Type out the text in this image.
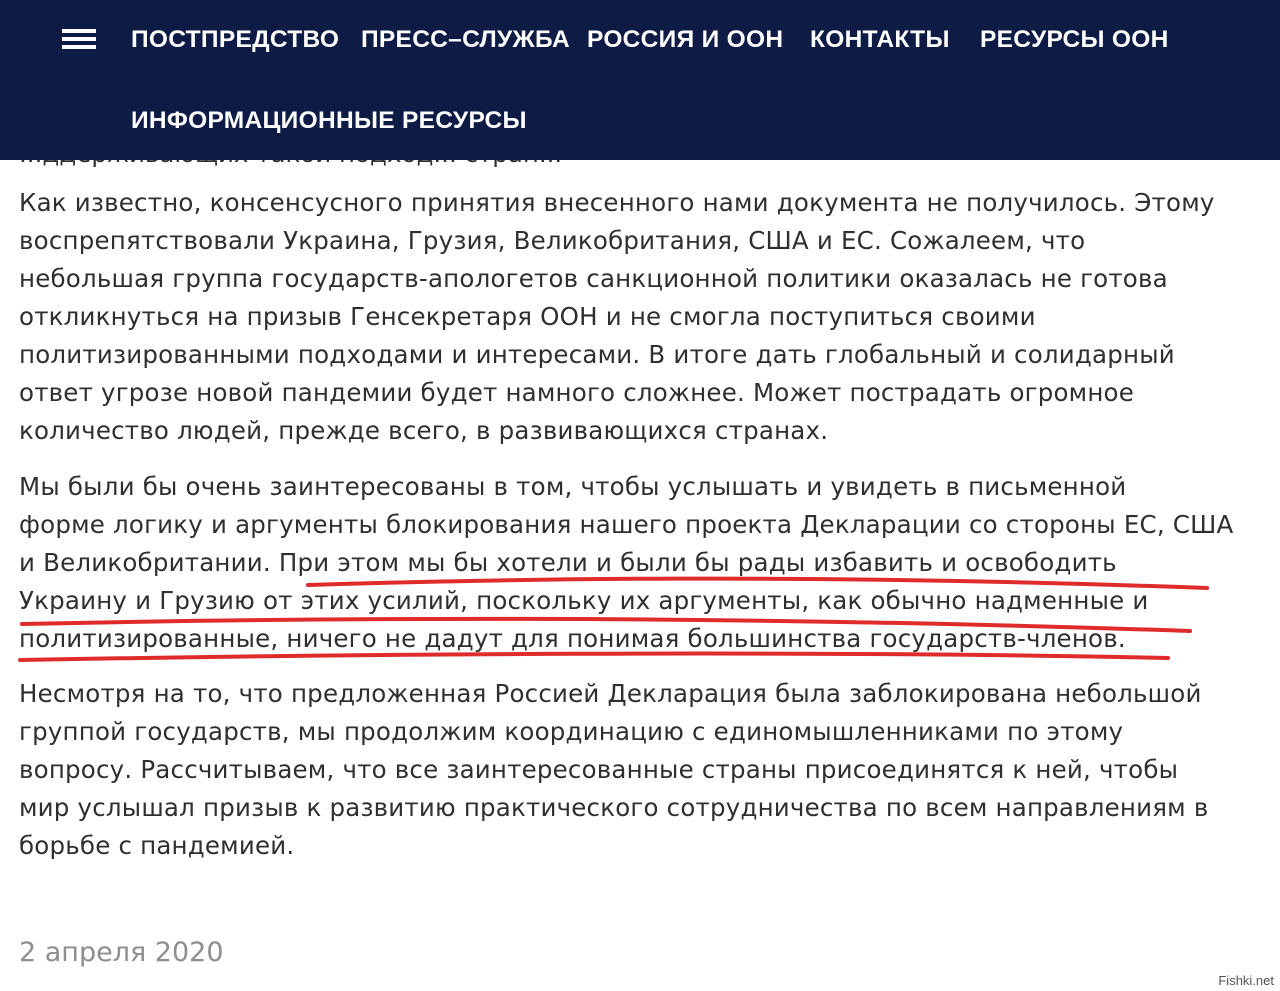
Как известно, консенсусного принятия внесенного нами документа не получилось. Этому
воспрепятствовали Украина, Грузия, Великобритания, США и ЕС. Сожалеем, что
небольшая группа государств-апологетов санкционной политики оказалась не готова
откликнуться на призыв Генсекретаря ООН и не смогла поступиться своими
политизированными подходами и интересами. В итоге дать глобальный и солидарный
ответ угрозе новой пандемии будет намного сложнее. Может пострадать огромное
количество людей, прежде всего, в развивающихся странах.

Мы были бы очень заинтересованы в том, чтобы услышать и увидеть в письменной
форме логику и аргументы блокирования нашего проекта Декларации со стороны ЕС, США
и Великобритании. При этом мы бы хотели и были бы рады избавить и освободить
Украину и Грузию от этих усилий, поскольку их аргументы, как обычно надменные и
политизированные, ничего не дадут для понимая большинства государств-членов.

Несмотря на то, что предложенная Россией Декларация была заблокирована небольшой
группой государств, мы продолжим координацию с единомышленниками по этому
вопросу. Рассчитываем, что все заинтересованные страны присоединятся к ней, чтобы
мир услышал призыв к развитию практического сотрудничества по всем направлениям в
борьбе с пандемией.

2 апреля 2020
ПОСТПРЕДСТВО ПРЕСС–СЛУЖБА РОССИЯ И ООН КОНТАКТЫ РЕСУРСЫ ООН
ИНФОРМАЦИОННЫЕ РЕСУРСЫ
Fishki.net
